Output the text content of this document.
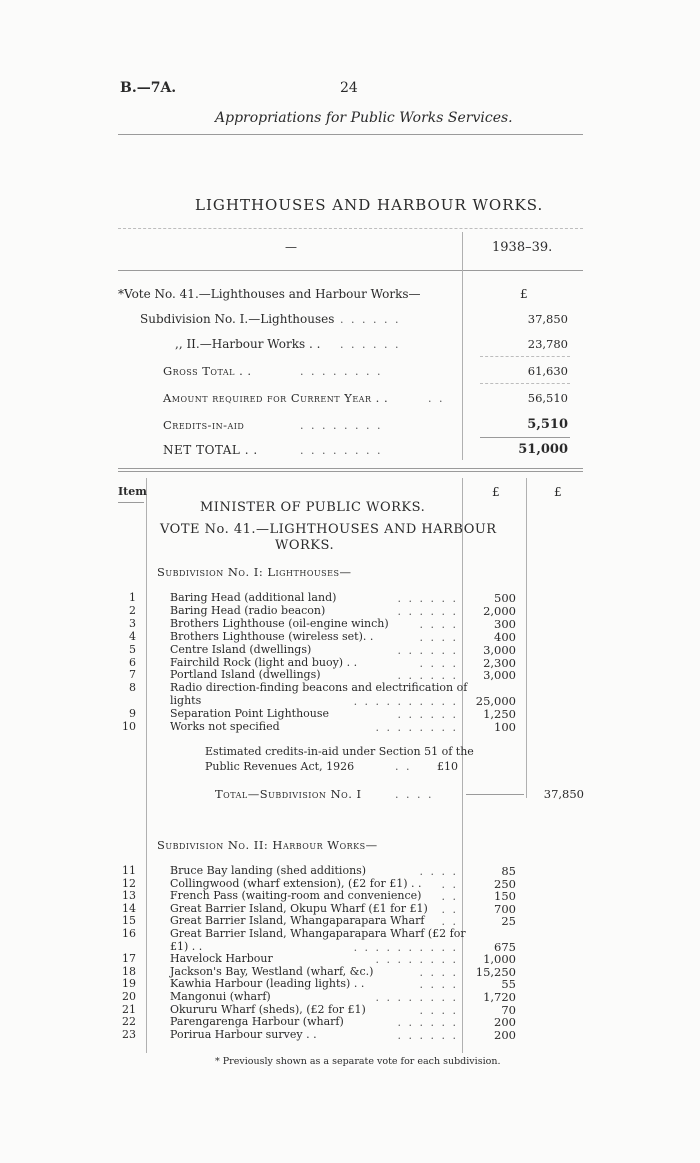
B.—7A.	24
Appropriations for Public Works Services.
LIGHTHOUSES AND HARBOUR WORKS.
—	1938–39.
*Vote No. 41.—Lighthouses and Harbour Works—	£
Subdivision No. I.—Lighthouses . . . . . .	37,850
,, II.—Harbour Works . . . . . . . .	23,780
Gross Total . .	. . . . . . . .	61,630
Amount required for Current Year . .	. .	56,510
Credits-in-aid	. . . . . . . .	5,510
NET TOTAL . .	. . . . . . . .	51,000
Item	£	£
MINISTER OF PUBLIC WORKS.
VOTE No. 41.—LIGHTHOUSES AND HARBOUR
WORKS.
Subdivision No. I: Lighthouses—
1	Baring Head (additional land)	. . . . . .	500
2	Baring Head (radio beacon)	. . . . . .	2,000
3	Brothers Lighthouse (oil-engine winch)	. . . .	300
4	Brothers Lighthouse (wireless set). .	. . . .	400
5	Centre Island (dwellings)	. . . . . .	3,000
6	Fairchild Rock (light and buoy) . .	. . . .	2,300
7	Portland Island (dwellings)	. . . . . .	3,000
8	Radio direction-finding beacons and electrification of
lights	. . . . . . . . . .	25,000
9	Separation Point Lighthouse	. . . . . .	1,250
10	Works not specified	. . . . . . . .	100
Estimated credits-in-aid under Section 51 of the
Public Revenues Act, 1926	. . £10
Total—Subdivision No. I	. . . .	37,850
Subdivision No. II: Harbour Works—
11	Bruce Bay landing (shed additions)	. . . .	85
12	Collingwood (wharf extension), (£2 for £1) . . . .	250
13	French Pass (waiting-room and convenience) . .	150
14	Great Barrier Island, Okupu Wharf (£1 for £1) . .	700
15	Great Barrier Island, Whangaparapara Wharf . .	25
16	Great Barrier Island, Whangaparapara Wharf (£2 for
£1) . .	. . . . . . . . . .	675
17	Havelock Harbour	. . . . . . . .	1,000
18	Jackson's Bay, Westland (wharf, &c.)	. . . .	15,250
19	Kawhia Harbour (leading lights) . .	. . . .	55
20	Mangonui (wharf)	. . . . . . . .	1,720
21	Okururu Wharf (sheds), (£2 for £1)	. . . .	70
22	Parengarenga Harbour (wharf)	. . . . . .	200
23	Porirua Harbour survey . .	. . . . . .	200
* Previously shown as a separate vote for each subdivision.
